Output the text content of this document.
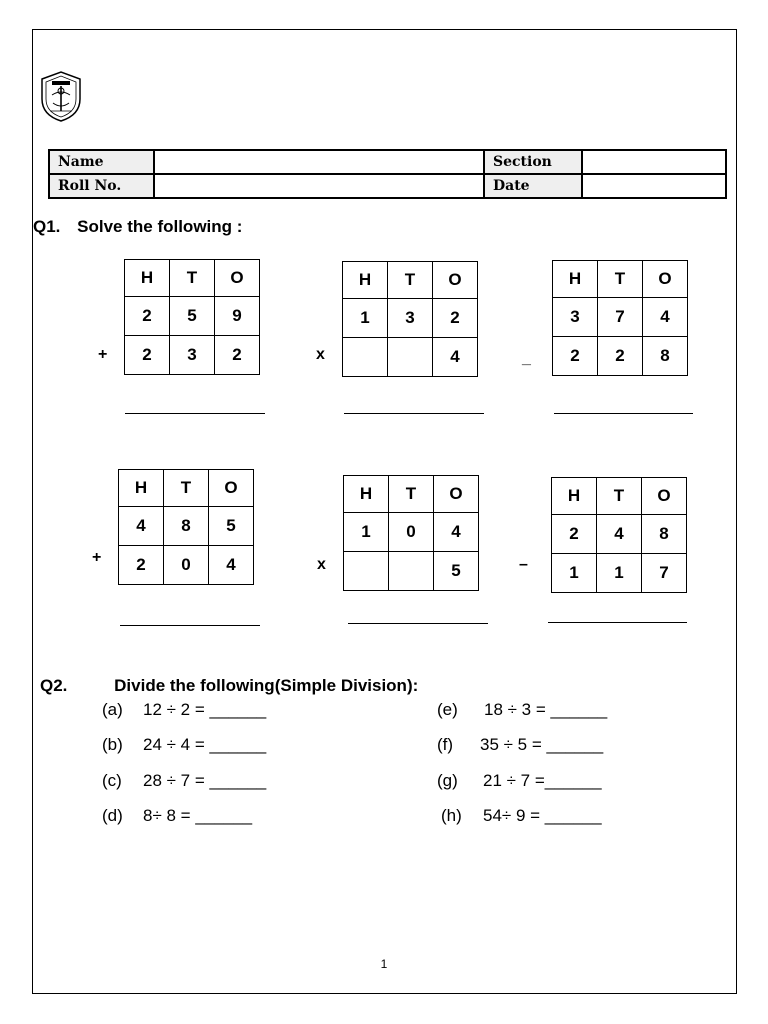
Name		Section	
Roll No.		Date	
Q1. Solve the following :
H	T	O
2	5	9
2	3	2
+
H	T	O
1	3	2
		4
x
H	T	O
3	7	4
2	2	8
_
H	T	O
4	8	5
2	0	4
+
H	T	O
1	0	4
		5
x
H	T	O
2	4	8
1	1	7
–
Q2.	Divide the following(Simple Division):
(a) 12 ÷ 2 = ______
(b) 24 ÷ 4 = ______
(c) 28 ÷ 7 = ______
(d) 8÷ 8 = ______
(e) 18 ÷ 3 = ______
(f) 35 ÷ 5 = ______
(g) 21 ÷ 7 =______
(h) 54÷ 9 = ______
1
